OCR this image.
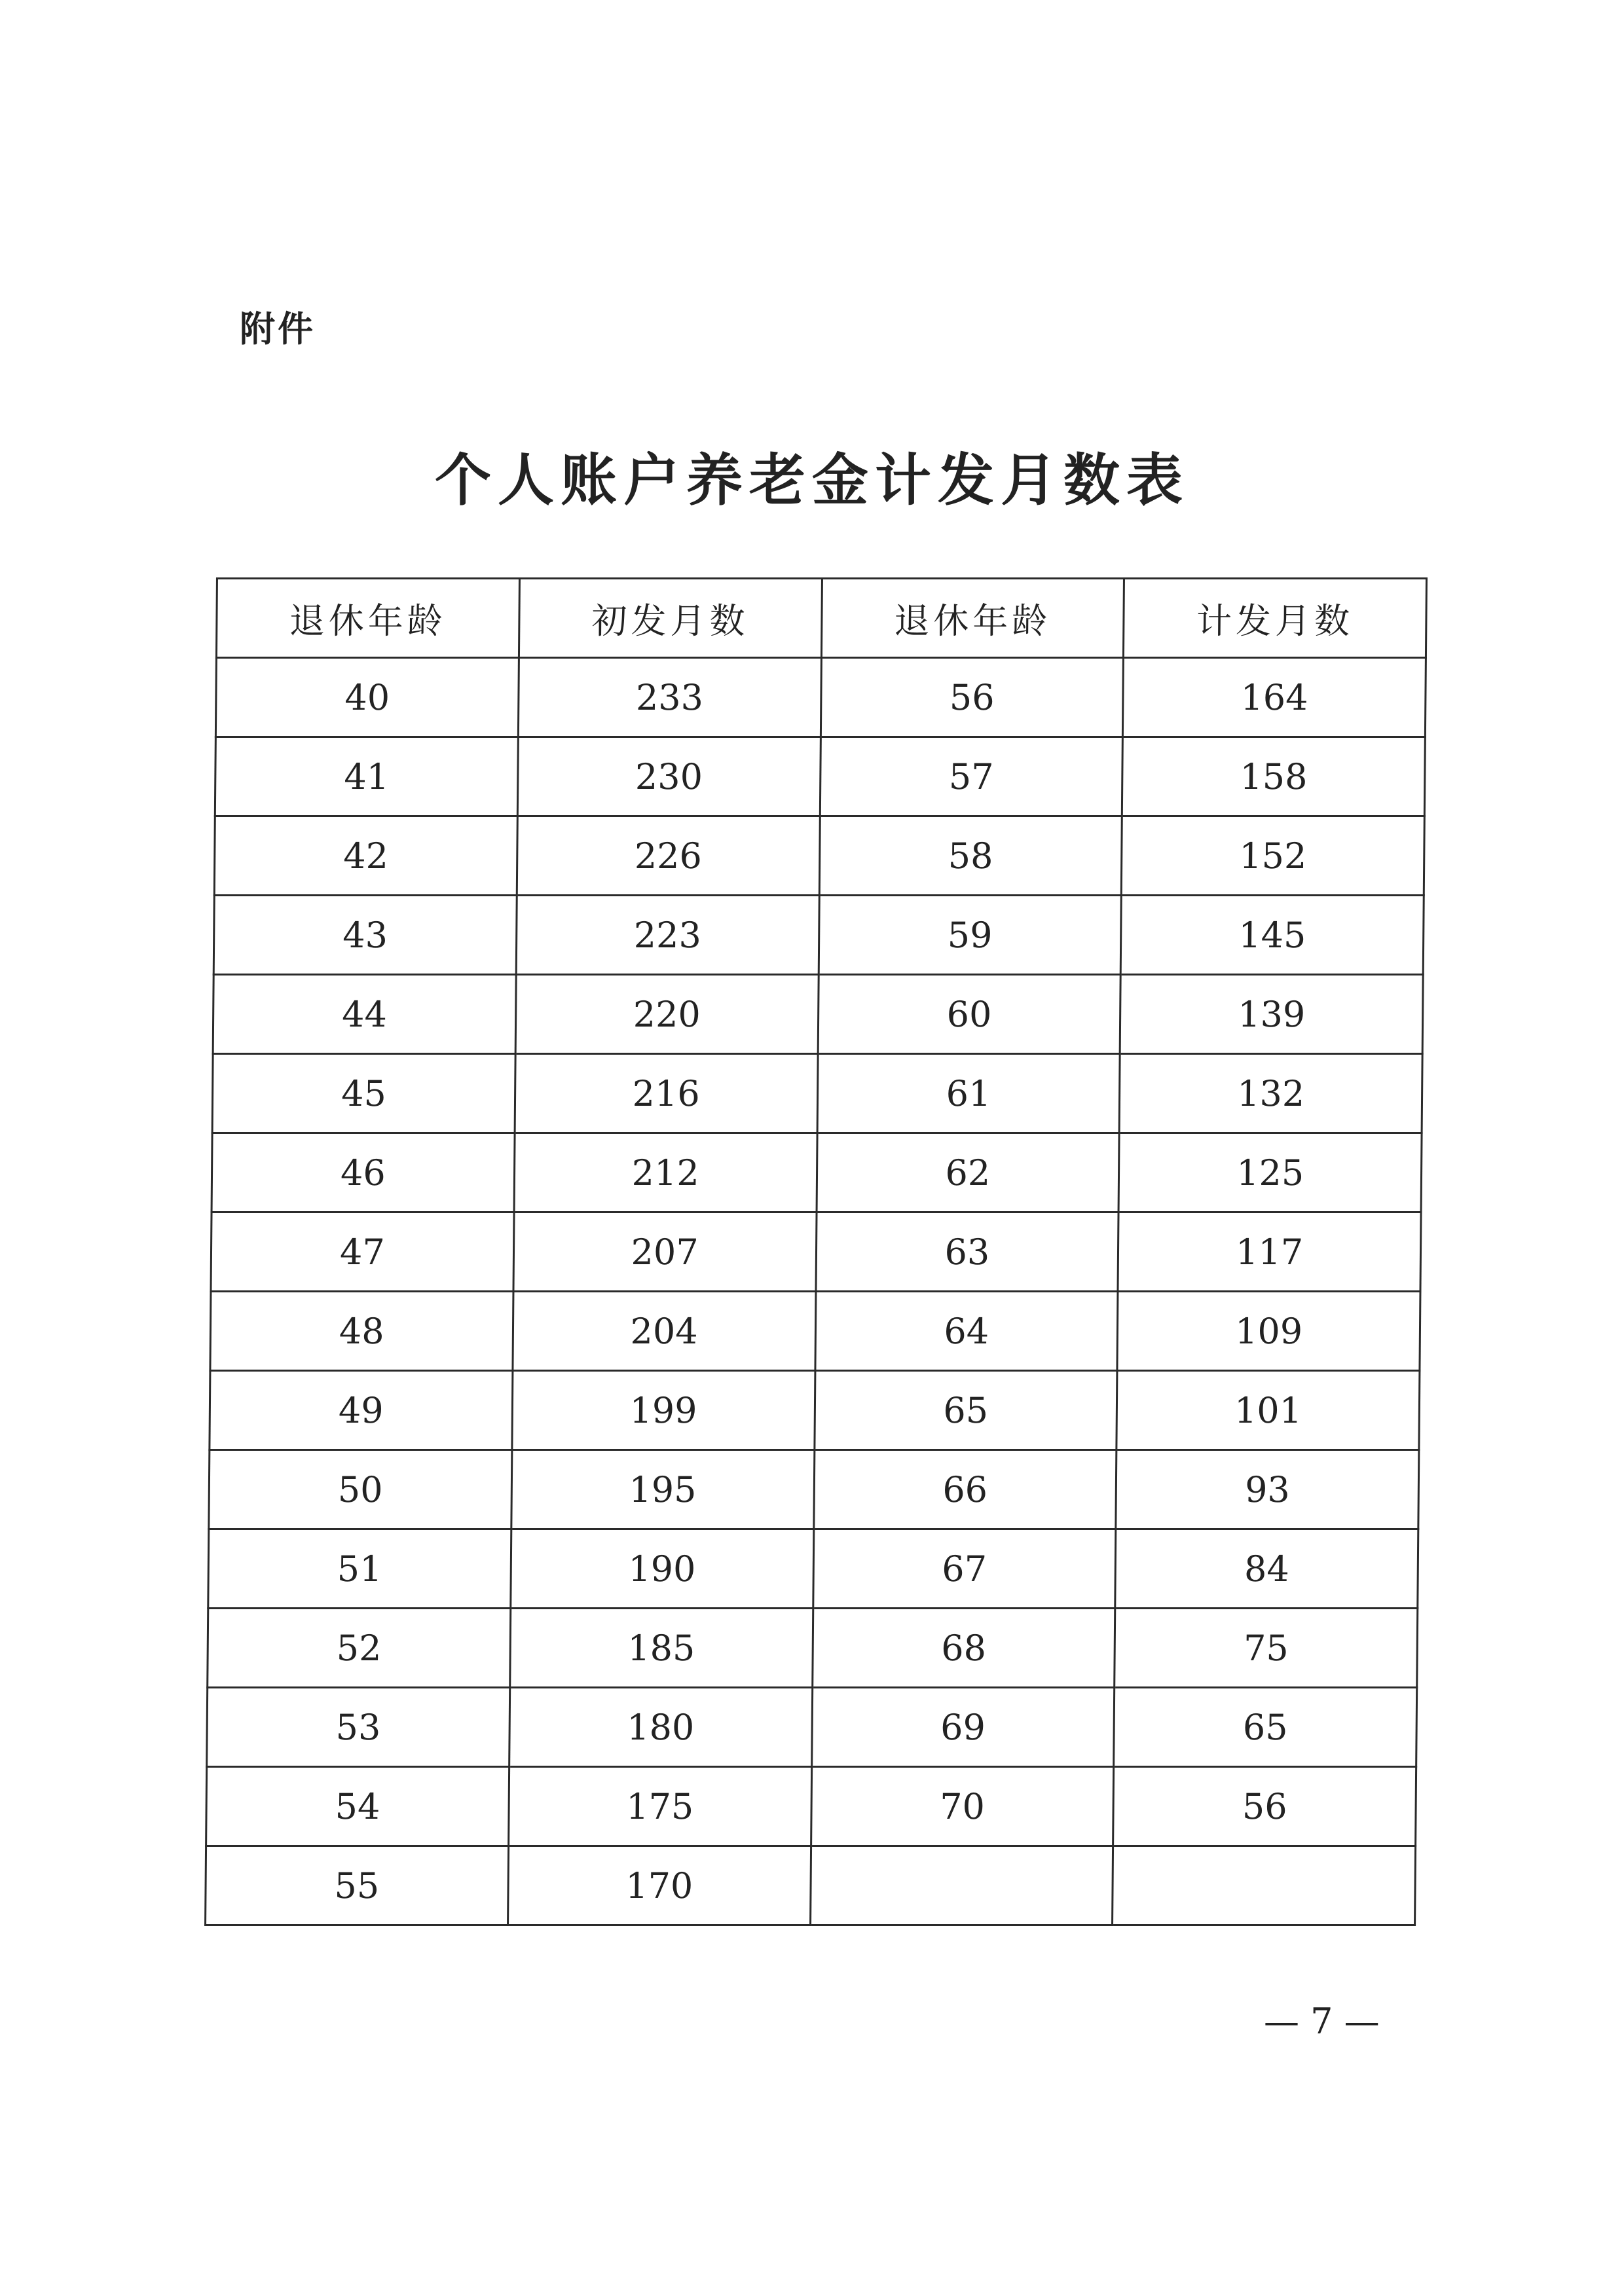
附件
个人账户养老金计发月数表
退休年龄	初发月数	退休年龄	计发月数
40	233	56	164
41	230	57	158
42	226	58	152
43	223	59	145
44	220	60	139
45	216	61	132
46	212	62	125
47	207	63	117
48	204	64	109
49	199	65	101
50	195	66	93
51	190	67	84
52	185	68	75
53	180	69	65
54	175	70	56
55	170		
— 7 —
